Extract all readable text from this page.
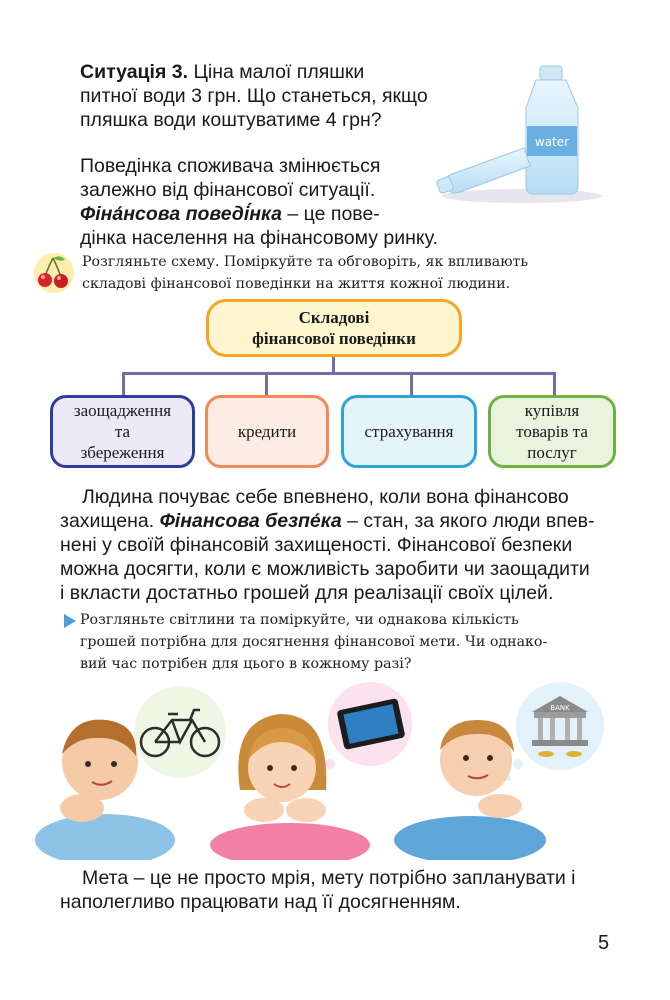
Ситуація 3. Ціна малої пляшки
питної води 3 грн. Що станеться, якщо
пляшка води коштуватиме 4 грн?
water
Поведінка споживача змінюється
залежно від фінансової ситуації.
Фіна́нсова поведі́нка – це пове-
дінка населення на фінансовому ринку.
Розгляньте схему. Поміркуйте та обговоріть, як впливають
складові фінансової поведінки на життя кожної людини.
Складові
фінансової поведінки
заощадження
та
збереження
кредити	страхування
купівля
товарів та
послуг
Людина почуває себе впевнено, коли вона фінансово
захищена. Фінансова безпе́ка – стан, за якого люди впев-
нені у своїй фінансовій захищеності. Фінансової безпеки
можна досягти, коли є можливість заробити чи заощадити
і вкласти достатньо грошей для реалізації своїх цілей.
Розгляньте світлини та поміркуйте, чи однакова кількість
грошей потрібна для досягнення фінансової мети. Чи однако-
вий час потрібен для цього в кожному разі?
BANK
Мета – це не просто мрія, мету потрібно запланувати і
наполегливо працювати над її досягненням.
5
